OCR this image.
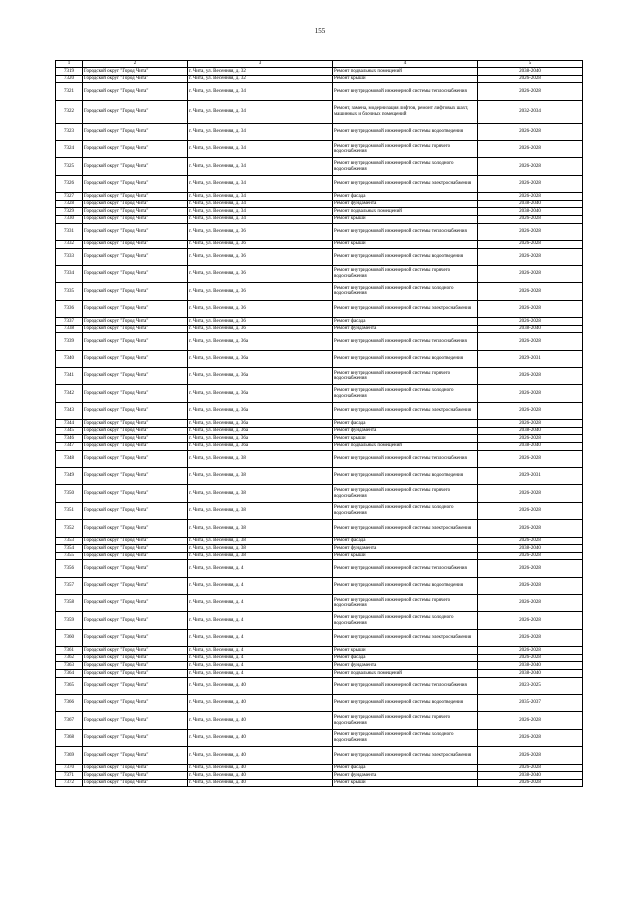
155
1	2	3	4	5
7319	Городской округ "Город Чита"	г. Чита, ул. Весенняя, д. 32	Ремонт подвальных помещений	2038-2040
7320	Городской округ "Город Чита"	г. Чита, ул. Весенняя, д. 32	Ремонт крыши	2026-2028
7321	Городской округ "Город Чита"	г. Чита, ул. Весенняя, д. 34	Ремонт внутридомовой инженерной системы теплоснабжения	2026-2028
7322	Городской округ "Город Чита"	г. Чита, ул. Весенняя, д. 34	Ремонт, замена, модернизация лифтов, ремонт лифтовых шахт, машинных и блочных помещений	2032-2034
7323	Городской округ "Город Чита"	г. Чита, ул. Весенняя, д. 34	Ремонт внутридомовой инженерной системы водоотведения	2026-2028
7324	Городской округ "Город Чита"	г. Чита, ул. Весенняя, д. 34	Ремонт внутридомовой инженерной системы горячего водоснабжения	2026-2028
7325	Городской округ "Город Чита"	г. Чита, ул. Весенняя, д. 34	Ремонт внутридомовой инженерной системы холодного водоснабжения	2026-2028
7326	Городской округ "Город Чита"	г. Чита, ул. Весенняя, д. 34	Ремонт внутридомовой инженерной системы электроснабжения	2026-2028
7327	Городской округ "Город Чита"	г. Чита, ул. Весенняя, д. 34	Ремонт фасада	2026-2028
7328	Городской округ "Город Чита"	г. Чита, ул. Весенняя, д. 34	Ремонт фундамента	2038-2040
7329	Городской округ "Город Чита"	г. Чита, ул. Весенняя, д. 34	Ремонт подвальных помещений	2038-2040
7330	Городской округ "Город Чита"	г. Чита, ул. Весенняя, д. 34	Ремонт крыши	2026-2028
7331	Городской округ "Город Чита"	г. Чита, ул. Весенняя, д. 36	Ремонт внутридомовой инженерной системы теплоснабжения	2026-2028
7332	Городской округ "Город Чита"	г. Чита, ул. Весенняя, д. 36	Ремонт крыши	2026-2028
7333	Городской округ "Город Чита"	г. Чита, ул. Весенняя, д. 36	Ремонт внутридомовой инженерной системы водоотведения	2026-2028
7334	Городской округ "Город Чита"	г. Чита, ул. Весенняя, д. 36	Ремонт внутридомовой инженерной системы горячего водоснабжения	2026-2028
7335	Городской округ "Город Чита"	г. Чита, ул. Весенняя, д. 36	Ремонт внутридомовой инженерной системы холодного водоснабжения	2026-2028
7336	Городской округ "Город Чита"	г. Чита, ул. Весенняя, д. 36	Ремонт внутридомовой инженерной системы электроснабжения	2026-2028
7337	Городской округ "Город Чита"	г. Чита, ул. Весенняя, д. 36	Ремонт фасада	2026-2028
7338	Городской округ "Город Чита"	г. Чита, ул. Весенняя, д. 36	Ремонт фундамента	2038-2040
7339	Городской округ "Город Чита"	г. Чита, ул. Весенняя, д. 36а	Ремонт внутридомовой инженерной системы теплоснабжения	2026-2028
7340	Городской округ "Город Чита"	г. Чита, ул. Весенняя, д. 36а	Ремонт внутридомовой инженерной системы водоотведения	2029-2031
7341	Городской округ "Город Чита"	г. Чита, ул. Весенняя, д. 36а	Ремонт внутридомовой инженерной системы горячего водоснабжения	2026-2028
7342	Городской округ "Город Чита"	г. Чита, ул. Весенняя, д. 36а	Ремонт внутридомовой инженерной системы холодного водоснабжения	2026-2028
7343	Городской округ "Город Чита"	г. Чита, ул. Весенняя, д. 36а	Ремонт внутридомовой инженерной системы электроснабжения	2026-2028
7344	Городской округ "Город Чита"	г. Чита, ул. Весенняя, д. 36а	Ремонт фасада	2026-2028
7345	Городской округ "Город Чита"	г. Чита, ул. Весенняя, д. 36а	Ремонт фундамента	2038-2040
7346	Городской округ "Город Чита"	г. Чита, ул. Весенняя, д. 36а	Ремонт крыши	2026-2028
7347	Городской округ "Город Чита"	г. Чита, ул. Весенняя, д. 36а	Ремонт подвальных помещений	2038-2040
7348	Городской округ "Город Чита"	г. Чита, ул. Весенняя, д. 38	Ремонт внутридомовой инженерной системы теплоснабжения	2026-2028
7349	Городской округ "Город Чита"	г. Чита, ул. Весенняя, д. 38	Ремонт внутридомовой инженерной системы водоотведения	2029-2031
7350	Городской округ "Город Чита"	г. Чита, ул. Весенняя, д. 38	Ремонт внутридомовой инженерной системы горячего водоснабжения	2026-2028
7351	Городской округ "Город Чита"	г. Чита, ул. Весенняя, д. 38	Ремонт внутридомовой инженерной системы холодного водоснабжения	2026-2028
7352	Городской округ "Город Чита"	г. Чита, ул. Весенняя, д. 38	Ремонт внутридомовой инженерной системы электроснабжения	2026-2028
7353	Городской округ "Город Чита"	г. Чита, ул. Весенняя, д. 38	Ремонт фасада	2026-2028
7354	Городской округ "Город Чита"	г. Чита, ул. Весенняя, д. 38	Ремонт фундамента	2038-2040
7355	Городской округ "Город Чита"	г. Чита, ул. Весенняя, д. 38	Ремонт крыши	2026-2028
7356	Городской округ "Город Чита"	г. Чита, ул. Весенняя, д. 4	Ремонт внутридомовой инженерной системы теплоснабжения	2026-2028
7357	Городской округ "Город Чита"	г. Чита, ул. Весенняя, д. 4	Ремонт внутридомовой инженерной системы водоотведения	2026-2028
7358	Городской округ "Город Чита"	г. Чита, ул. Весенняя, д. 4	Ремонт внутридомовой инженерной системы горячего водоснабжения	2026-2028
7359	Городской округ "Город Чита"	г. Чита, ул. Весенняя, д. 4	Ремонт внутридомовой инженерной системы холодного водоснабжения	2026-2028
7360	Городской округ "Город Чита"	г. Чита, ул. Весенняя, д. 4	Ремонт внутридомовой инженерной системы электроснабжения	2026-2028
7361	Городской округ "Город Чита"	г. Чита, ул. Весенняя, д. 4	Ремонт крыши	2026-2028
7362	Городской округ "Город Чита"	г. Чита, ул. Весенняя, д. 4	Ремонт фасада	2026-2028
7363	Городской округ "Город Чита"	г. Чита, ул. Весенняя, д. 4	Ремонт фундамента	2038-2040
7364	Городской округ "Город Чита"	г. Чита, ул. Весенняя, д. 4	Ремонт подвальных помещений	2038-2040
7365	Городской округ "Город Чита"	г. Чита, ул. Весенняя, д. 40	Ремонт внутридомовой инженерной системы теплоснабжения	2023-2025
7366	Городской округ "Город Чита"	г. Чита, ул. Весенняя, д. 40	Ремонт внутридомовой инженерной системы водоотведения	2035-2037
7367	Городской округ "Город Чита"	г. Чита, ул. Весенняя, д. 40	Ремонт внутридомовой инженерной системы горячего водоснабжения	2026-2028
7368	Городской округ "Город Чита"	г. Чита, ул. Весенняя, д. 40	Ремонт внутридомовой инженерной системы холодного водоснабжения	2026-2028
7369	Городской округ "Город Чита"	г. Чита, ул. Весенняя, д. 40	Ремонт внутридомовой инженерной системы электроснабжения	2026-2028
7370	Городской округ "Город Чита"	г. Чита, ул. Весенняя, д. 40	Ремонт фасада	2026-2028
7371	Городской округ "Город Чита"	г. Чита, ул. Весенняя, д. 40	Ремонт фундамента	2038-2040
7372	Городской округ "Город Чита"	г. Чита, ул. Весенняя, д. 40	Ремонт крыши	2026-2028
